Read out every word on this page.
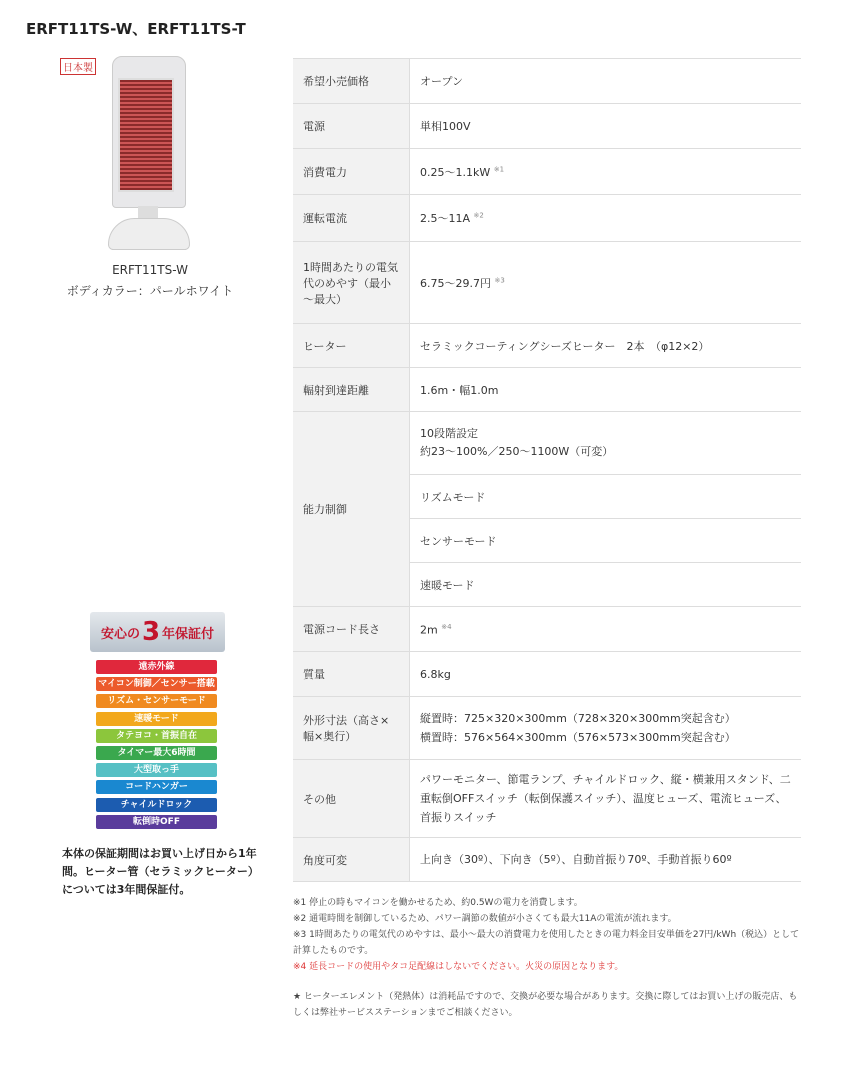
ERFT11TS-W、ERFT11TS-T
日本製
ERFT11TS-W
ボディカラー：パールホワイト
安心の 3 年保証付
遠赤外線
マイコン制御／センサー搭載
リズム・センサーモード
速暖モード
タテヨコ・首振自在
タイマー最大6時間
大型取っ手
コードハンガー
チャイルドロック
転倒時OFF
本体の保証期間はお買い上げ日から1年間。ヒーター管（セラミックヒーター）については3年間保証付。
希望小売価格	オープン
電源	単相100V
消費電力	0.25～1.1kW $^{※1}$
運転電流	2.5～11A $^{※2}$
1時間あたりの電気代のめやす（最小～最大）	6.75～29.7円 $^{※3}$
ヒーター	セラミックコーティングシーズヒーター　2本　（φ12×2）
輻射到達距離	1.6m・幅1.0m
能力制御	10段階設定
約23～100%／250～1100W（可変）

	リズムモード
	センサーモード
	速暖モード
電源コード長さ	2m $^{※4}$
質量	6.8kg
外形寸法（高さ×幅×奥行）	縦置時：725×320×300mm（728×320×300mm突起含む）
横置時：576×564×300mm（576×573×300mm突起含む）

その他	パワーモニター、節電ランプ、チャイルドロック、縦・横兼用スタンド、二重転倒OFFスイッチ（転倒保護スイッチ）、温度ヒューズ、電流ヒューズ、首振りスイッチ
角度可変	上向き（30º）、下向き（5º）、自動首振り70º、手動首振り60º
※1 停止の時もマイコンを働かせるため、約0.5Wの電力を消費します。
※2 通電時間を制御しているため、パワー調節の数値が小さくても最大11Aの電流が流れます。
※3 1時間あたりの電気代のめやすは、最小～最大の消費電力を使用したときの電力料金目安単価を27円/kWh（税込）として計算したものです。
※4 延長コードの使用やタコ足配線はしないでください。火災の原因となります。
★ ヒーターエレメント（発熱体）は消耗品ですので、交換が必要な場合があります。交換に際してはお買い上げの販売店、もしくは弊社サービスステーションまでご相談ください。
